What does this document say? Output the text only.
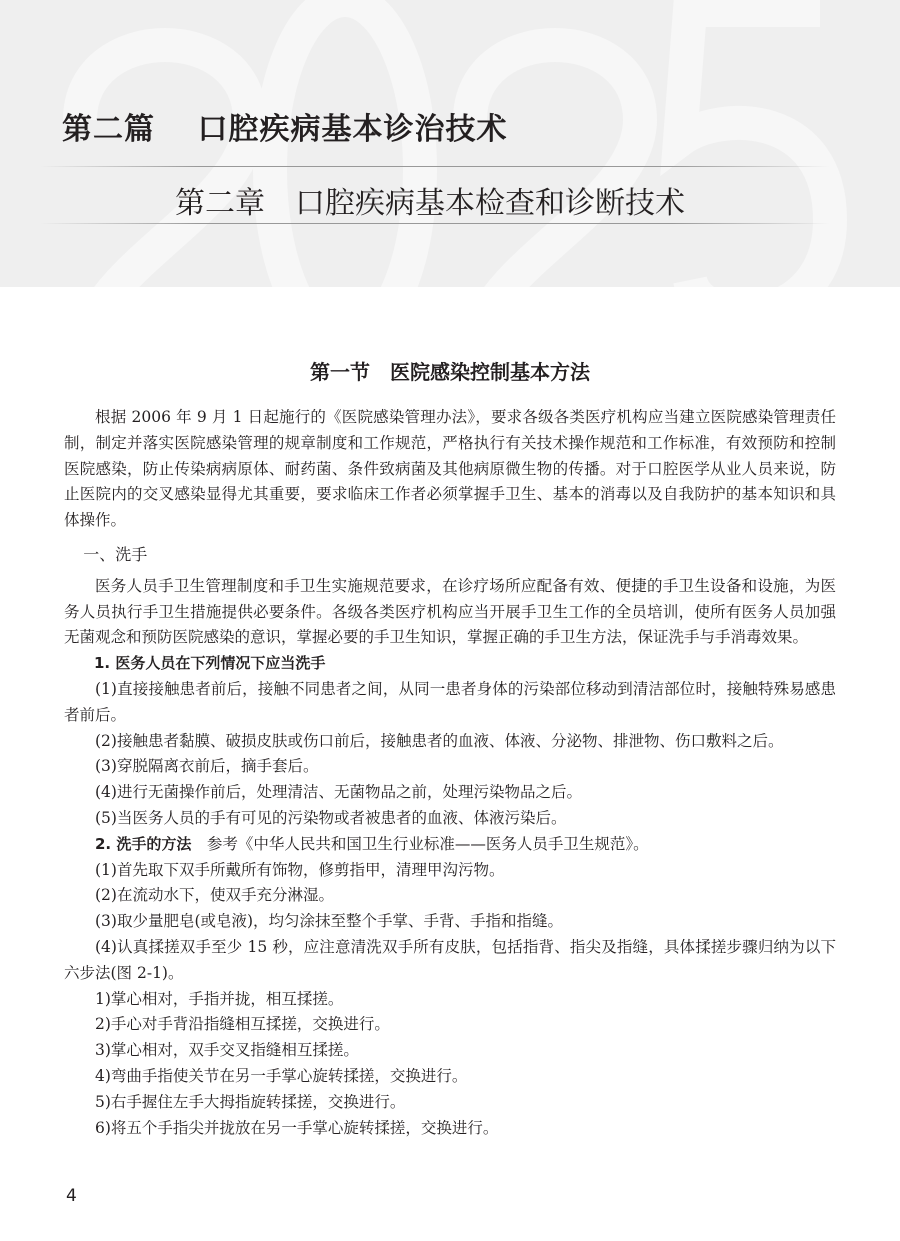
第二篇　 口腔疾病基本诊治技术
第二章　口腔疾病基本检查和诊断技术
第一节　医院感染控制基本方法

根据 2006 年 9 月 1 日起施行的《医院感染管理办法》，要求各级各类医疗机构应当建立医院感染管理责任制，制定并落实医院感染管理的规章制度和工作规范，严格执行有关技术操作规范和工作标准，有效预防和控制医院感染，防止传染病病原体、耐药菌、条件致病菌及其他病原微生物的传播。对于口腔医学从业人员来说，防止医院内的交叉感染显得尤其重要，要求临床工作者必须掌握手卫生、基本的消毒以及自我防护的基本知识和具体操作。

一、洗手

医务人员手卫生管理制度和手卫生实施规范要求，在诊疗场所应配备有效、便捷的手卫生设备和设施，为医务人员执行手卫生措施提供必要条件。各级各类医疗机构应当开展手卫生工作的全员培训，使所有医务人员加强无菌观念和预防医院感染的意识，掌握必要的手卫生知识，掌握正确的手卫生方法，保证洗手与手消毒效果。

1. 医务人员在下列情况下应当洗手

(1)直接接触患者前后，接触不同患者之间，从同一患者身体的污染部位移动到清洁部位时，接触特殊易感患者前后。

(2)接触患者黏膜、破损皮肤或伤口前后，接触患者的血液、体液、分泌物、排泄物、伤口敷料之后。

(3)穿脱隔离衣前后，摘手套后。

(4)进行无菌操作前后，处理清洁、无菌物品之前，处理污染物品之后。

(5)当医务人员的手有可见的污染物或者被患者的血液、体液污染后。

2. 洗手的方法　参考《中华人民共和国卫生行业标准——医务人员手卫生规范》。

(1)首先取下双手所戴所有饰物，修剪指甲，清理甲沟污物。

(2)在流动水下，使双手充分淋湿。

(3)取少量肥皂(或皂液)，均匀涂抹至整个手掌、手背、手指和指缝。

(4)认真揉搓双手至少 15 秒，应注意清洗双手所有皮肤，包括指背、指尖及指缝，具体揉搓步骤归纳为以下六步法(图 2-1)。

1)掌心相对，手指并拢，相互揉搓。

2)手心对手背沿指缝相互揉搓，交换进行。

3)掌心相对，双手交叉指缝相互揉搓。

4)弯曲手指使关节在另一手掌心旋转揉搓，交换进行。

5)右手握住左手大拇指旋转揉搓，交换进行。

6)将五个手指尖并拢放在另一手掌心旋转揉搓，交换进行。

4
